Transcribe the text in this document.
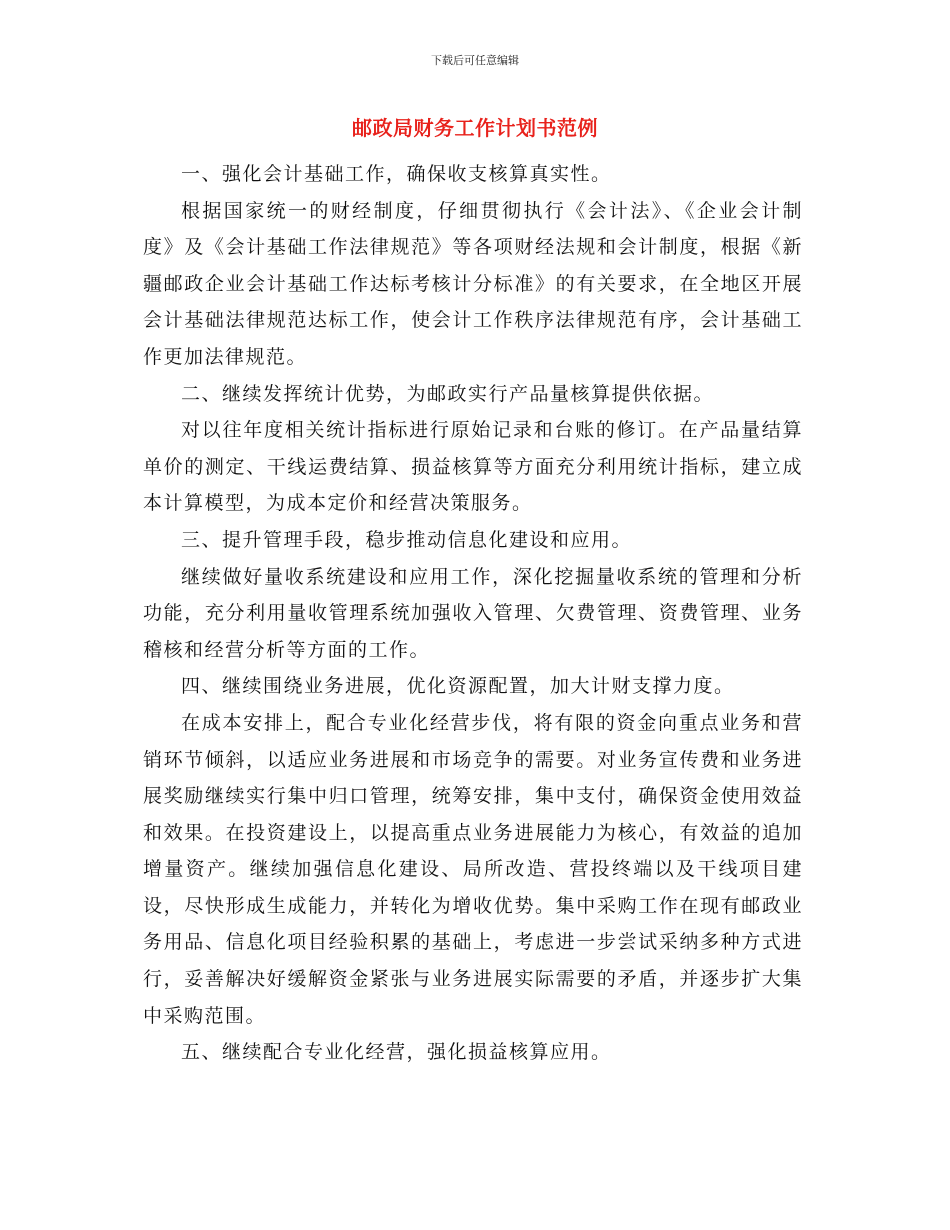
下载后可任意编辑
邮政局财务工作计划书范例

一、强化会计基础工作，确保收支核算真实性。

根据国家统一的财经制度，仔细贯彻执行《会计法》、《企业会计制度》及《会计基础工作法律规范》等各项财经法规和会计制度，根据《新疆邮政企业会计基础工作达标考核计分标准》的有关要求，在全地区开展会计基础法律规范达标工作，使会计工作秩序法律规范有序，会计基础工作更加法律规范。

二、继续发挥统计优势，为邮政实行产品量核算提供依据。

对以往年度相关统计指标进行原始记录和台账的修订。在产品量结算单价的测定、干线运费结算、损益核算等方面充分利用统计指标，建立成本计算模型，为成本定价和经营决策服务。

三、提升管理手段，稳步推动信息化建设和应用。

继续做好量收系统建设和应用工作，深化挖掘量收系统的管理和分析功能，充分利用量收管理系统加强收入管理、欠费管理、资费管理、业务稽核和经营分析等方面的工作。

四、继续围绕业务进展，优化资源配置，加大计财支撑力度。

在成本安排上，配合专业化经营步伐，将有限的资金向重点业务和营销环节倾斜，以适应业务进展和市场竞争的需要。对业务宣传费和业务进展奖励继续实行集中归口管理，统筹安排，集中支付，确保资金使用效益和效果。在投资建设上，以提高重点业务进展能力为核心，有效益的追加增量资产。继续加强信息化建设、局所改造、营投终端以及干线项目建设，尽快形成生成能力，并转化为增收优势。集中采购工作在现有邮政业务用品、信息化项目经验积累的基础上，考虑进一步尝试采纳多种方式进行，妥善解决好缓解资金紧张与业务进展实际需要的矛盾，并逐步扩大集中采购范围。

五、继续配合专业化经营，强化损益核算应用。
